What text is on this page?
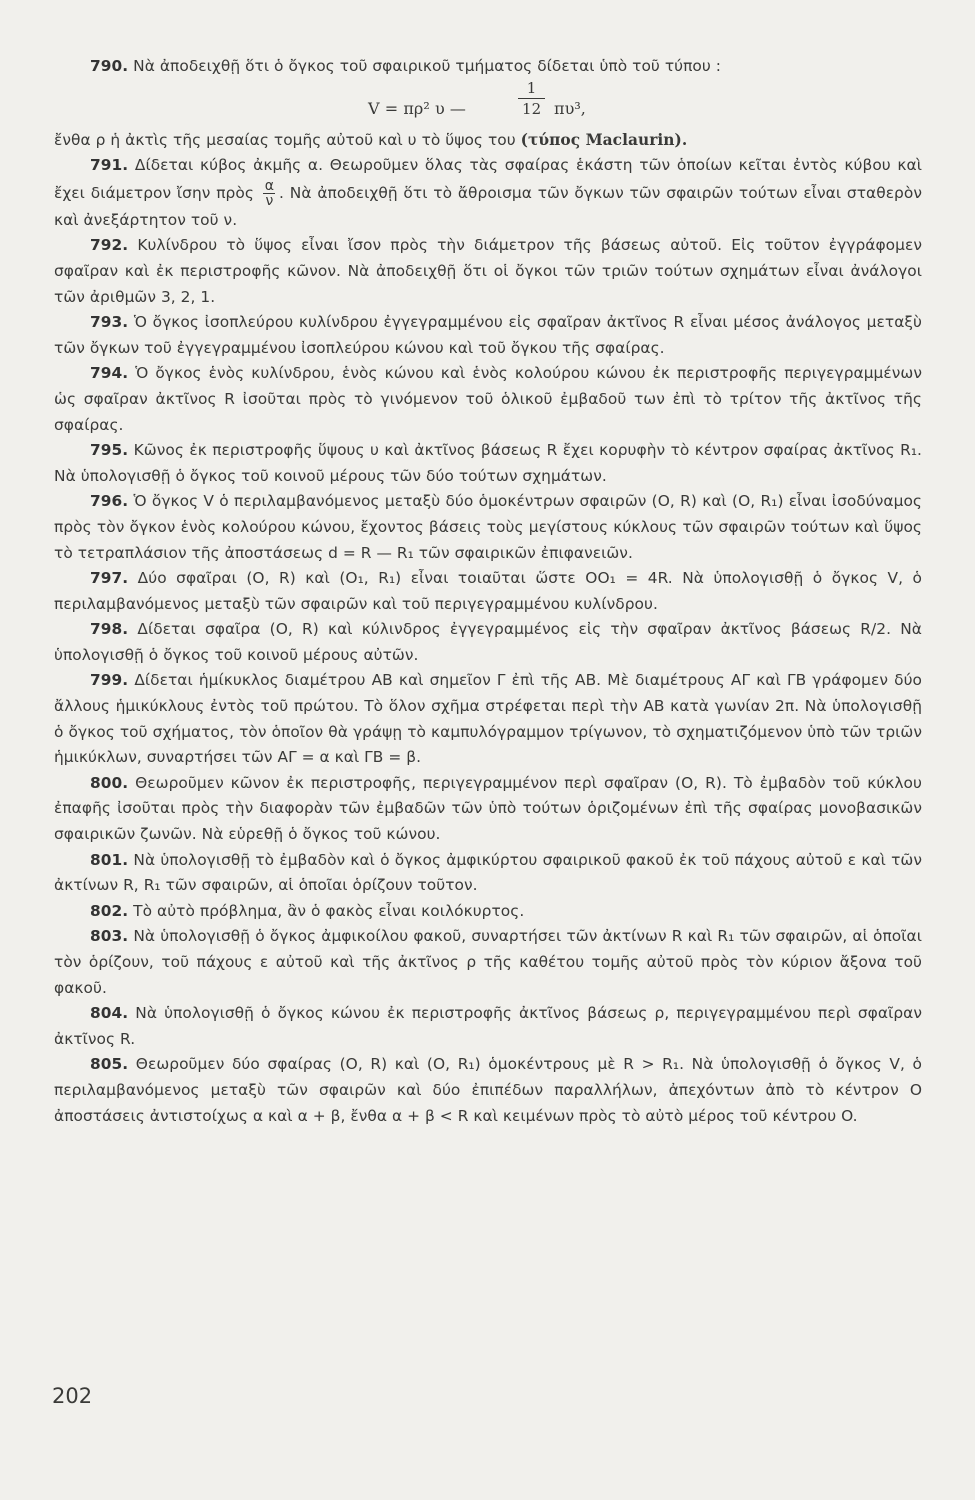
790. Νὰ ἀποδειχθῇ ὅτι ὁ ὄγκος τοῦ σφαιρικοῦ τμήματος δίδεται ὑπὸ τοῦ τύπου :

V = πρ² υ —	$\frac{1}{12} \pi\upsilon^3$,

ἔνθα ρ ἡ ἀκτὶς τῆς μεσαίας τομῆς αὐτοῦ καὶ υ τὸ ὕψος του (τύπος Maclaurin).

791. Δίδεται κύβος ἀκμῆς α. Θεωροῦμεν ὅλας τὰς σφαίρας ἑκάστη τῶν ὁποίων κεῖται ἐντὸς κύβου καὶ ἔχει διάμετρον ἴσην πρὸς $\frac{\alpha}{\nu}$ . Νὰ ἀποδειχθῇ ὅτι τὸ ἄθροισμα τῶν ὄγκων τῶν σφαιρῶν τούτων εἶναι σταθερὸν καὶ ἀνεξάρτητον τοῦ ν.

792. Κυλίνδρου τὸ ὕψος εἶναι ἴσον πρὸς τὴν διάμετρον τῆς βάσεως αὐτοῦ. Εἰς τοῦτον ἐγγράφομεν σφαῖραν καὶ ἐκ περιστροφῆς κῶνον. Νὰ ἀποδειχθῇ ὅτι οἱ ὄγκοι τῶν τριῶν τούτων σχημάτων εἶναι ἀνάλογοι τῶν ἀριθμῶν 3, 2, 1.

793. Ὁ ὄγκος ἰσοπλεύρου κυλίνδρου ἐγγεγραμμένου εἰς σφαῖραν ἀκτῖνος R εἶναι μέσος ἀνάλογος μεταξὺ τῶν ὄγκων τοῦ ἐγγεγραμμένου ἰσοπλεύρου κώνου καὶ τοῦ ὄγκου τῆς σφαίρας.

794. Ὁ ὄγκος ἑνὸς κυλίνδρου, ἑνὸς κώνου καὶ ἑνὸς κολούρου κώνου ἐκ περιστροφῆς περιγεγραμμένων ὡς σφαῖραν ἀκτῖνος R ἰσοῦται πρὸς τὸ γινόμενον τοῦ ὁλικοῦ ἐμβαδοῦ των ἐπὶ τὸ τρίτον τῆς ἀκτῖνος τῆς σφαίρας.

795. Κῶνος ἐκ περιστροφῆς ὕψους υ καὶ ἀκτῖνος βάσεως R ἔχει κορυφὴν τὸ κέντρον σφαίρας ἀκτῖνος R₁. Νὰ ὑπολογισθῇ ὁ ὄγκος τοῦ κοινοῦ μέρους τῶν δύο τούτων σχημάτων.

796. Ὁ ὄγκος V ὁ περιλαμβανόμενος μεταξὺ δύο ὁμοκέντρων σφαιρῶν (O, R) καὶ (O, R₁) εἶναι ἰσοδύναμος πρὸς τὸν ὄγκον ἑνὸς κολούρου κώνου, ἔχοντος βάσεις τοὺς μεγίστους κύκλους τῶν σφαιρῶν τούτων καὶ ὕψος τὸ τετραπλάσιον τῆς ἀποστάσεως d = R — R₁ τῶν σφαιρικῶν ἐπιφανειῶν.

797. Δύο σφαῖραι (O, R) καὶ (O₁, R₁) εἶναι τοιαῦται ὥστε OO₁ = 4R. Νὰ ὑπολογισθῇ ὁ ὄγκος V, ὁ περιλαμβανόμενος μεταξὺ τῶν σφαιρῶν καὶ τοῦ περιγεγραμμένου κυλίνδρου.

798. Δίδεται σφαῖρα (O, R) καὶ κύλινδρος ἐγγεγραμμένος εἰς τὴν σφαῖραν ἀκτῖνος βάσεως R/2. Νὰ ὑπολογισθῇ ὁ ὄγκος τοῦ κοινοῦ μέρους αὐτῶν.

799. Δίδεται ἡμίκυκλος διαμέτρου AB καὶ σημεῖον Γ ἐπὶ τῆς AB. Μὲ διαμέτρους AΓ καὶ ΓB γράφομεν δύο ἄλλους ἡμικύκλους ἐντὸς τοῦ πρώτου. Τὸ ὅλον σχῆμα στρέφεται περὶ τὴν AB κατὰ γωνίαν 2π. Νὰ ὑπολογισθῇ ὁ ὄγκος τοῦ σχήματος, τὸν ὁποῖον θὰ γράψῃ τὸ καμπυλόγραμμον τρίγωνον, τὸ σχηματιζόμενον ὑπὸ τῶν τριῶν ἡμικύκλων, συναρτήσει τῶν AΓ = α καὶ ΓB = β.

800. Θεωροῦμεν κῶνον ἐκ περιστροφῆς, περιγεγραμμένον περὶ σφαῖραν (O, R). Τὸ ἐμβαδὸν τοῦ κύκλου ἐπαφῆς ἰσοῦται πρὸς τὴν διαφορὰν τῶν ἐμβαδῶν τῶν ὑπὸ τούτων ὁριζομένων ἐπὶ τῆς σφαίρας μονοβασικῶν σφαιρικῶν ζωνῶν. Νὰ εὑρεθῇ ὁ ὄγκος τοῦ κώνου.

801. Νὰ ὑπολογισθῇ τὸ ἐμβαδὸν καὶ ὁ ὄγκος ἀμφικύρτου σφαιρικοῦ φακοῦ ἐκ τοῦ πάχους αὐτοῦ ε καὶ τῶν ἀκτίνων R, R₁ τῶν σφαιρῶν, αἱ ὁποῖαι ὁρίζουν τοῦτον.

802. Τὸ αὐτὸ πρόβλημα, ἂν ὁ φακὸς εἶναι κοιλόκυρτος.

803. Νὰ ὑπολογισθῇ ὁ ὄγκος ἀμφικοίλου φακοῦ, συναρτήσει τῶν ἀκτίνων R καὶ R₁ τῶν σφαιρῶν, αἱ ὁποῖαι τὸν ὁρίζουν, τοῦ πάχους ε αὐτοῦ καὶ τῆς ἀκτῖνος ρ τῆς καθέτου τομῆς αὐτοῦ πρὸς τὸν κύριον ἄξονα τοῦ φακοῦ.

804. Νὰ ὑπολογισθῇ ὁ ὄγκος κώνου ἐκ περιστροφῆς ἀκτῖνος βάσεως ρ, περιγεγραμμένου περὶ σφαῖραν ἀκτῖνος R.

805. Θεωροῦμεν δύο σφαίρας (O, R) καὶ (O, R₁) ὁμοκέντρους μὲ R > R₁. Νὰ ὑπολογισθῇ ὁ ὄγκος V, ὁ περιλαμβανόμενος μεταξὺ τῶν σφαιρῶν καὶ δύο ἐπιπέδων παραλλήλων, ἀπεχόντων ἀπὸ τὸ κέντρον O ἀποστάσεις ἀντιστοίχως α καὶ α + β, ἔνθα α + β < R καὶ κειμένων πρὸς τὸ αὐτὸ μέρος τοῦ κέντρου O.

202
